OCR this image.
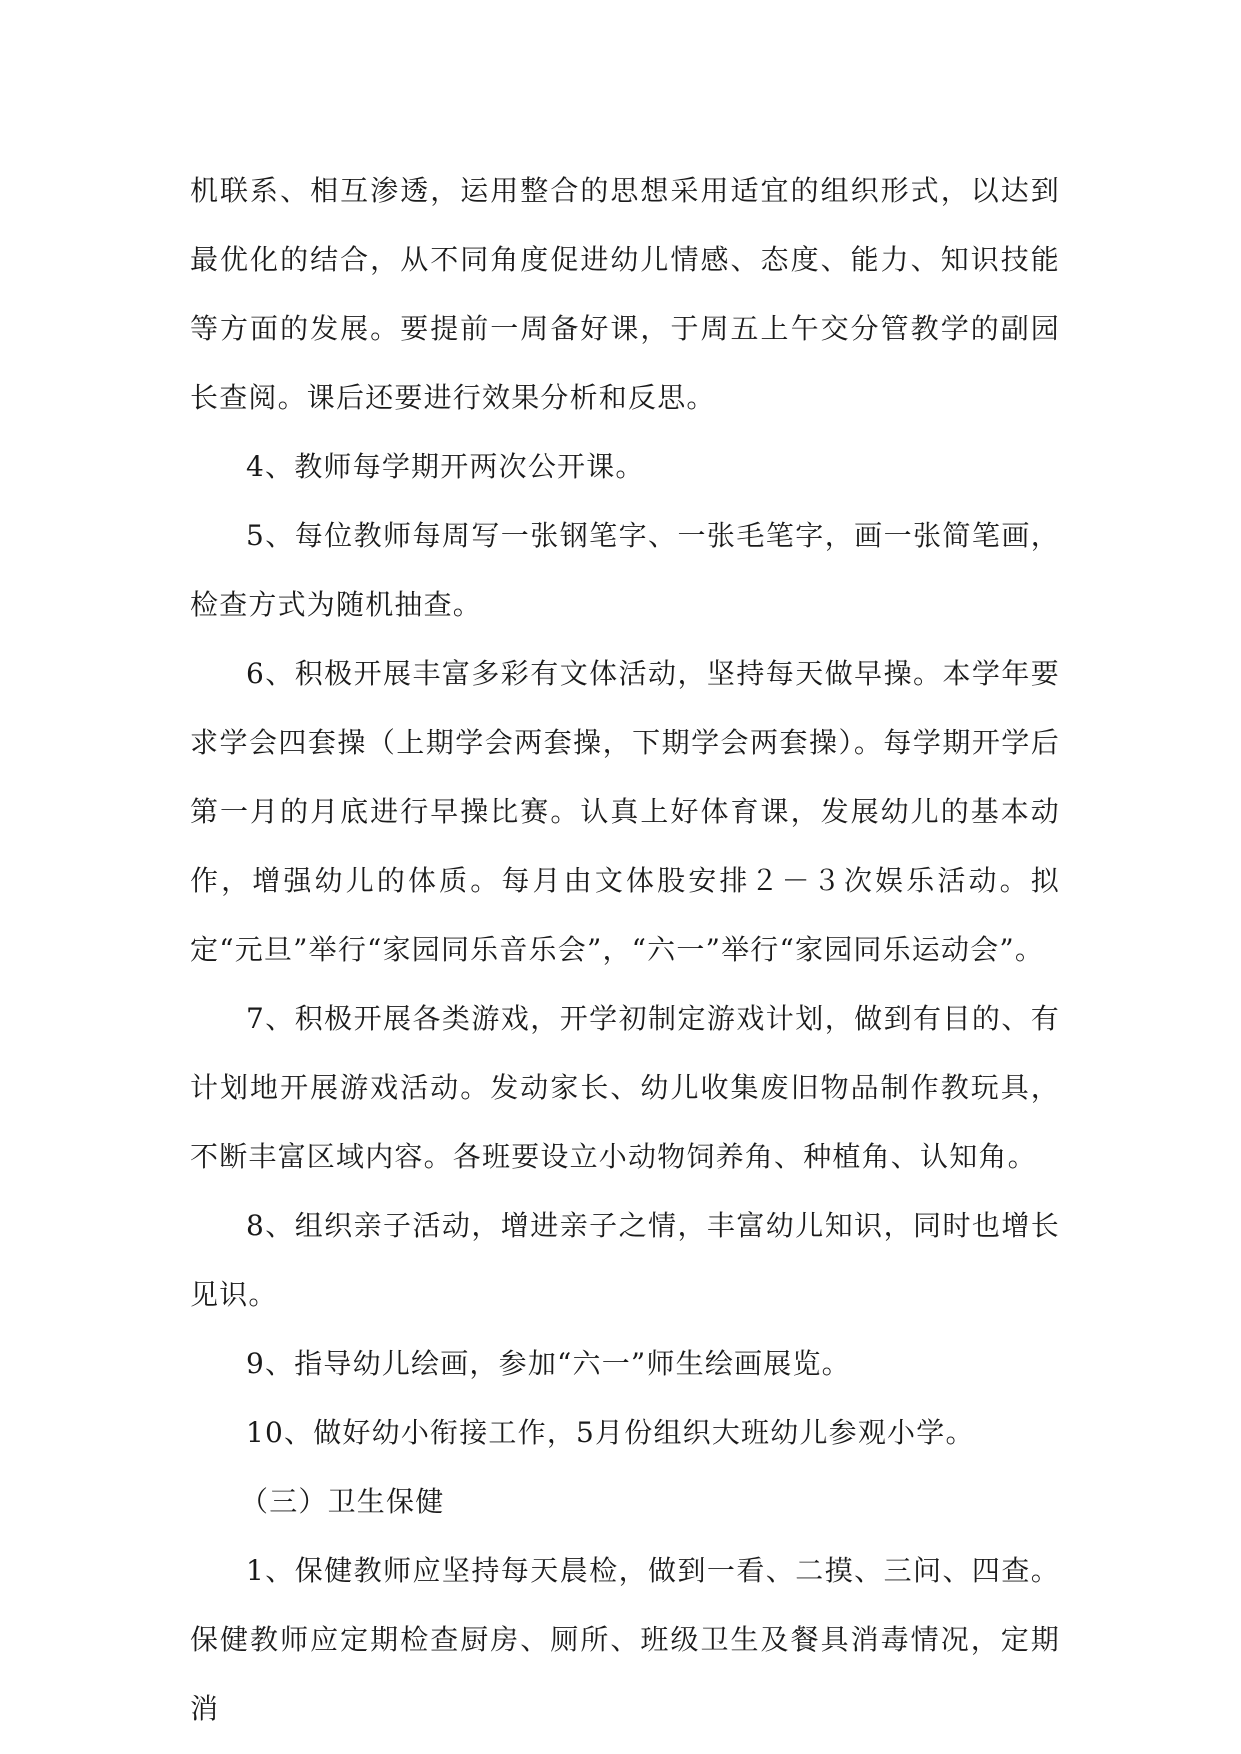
机联系、相互渗透，运用整合的思想采用适宜的组织形式，以达到最优化的结合，从不同角度促进幼儿情感、态度、能力、知识技能等方面的发展。要提前一周备好课，于周五上午交分管教学的副园长查阅。课后还要进行效果分析和反思。

4、教师每学期开两次公开课。

5、每位教师每周写一张钢笔字、一张毛笔字，画一张简笔画，检查方式为随机抽查。

6、积极开展丰富多彩有文体活动，坚持每天做早操。本学年要求学会四套操（上期学会两套操，下期学会两套操）。每学期开学后第一月的月底进行早操比赛。认真上好体育课，发展幼儿的基本动作，增强幼儿的体质。每月由文体股安排２－３次娱乐活动。拟定“元旦”举行“家园同乐音乐会”，“六一”举行“家园同乐运动会”。

7、积极开展各类游戏，开学初制定游戏计划，做到有目的、有计划地开展游戏活动。发动家长、幼儿收集废旧物品制作教玩具，不断丰富区域内容。各班要设立小动物饲养角、种植角、认知角。

8、组织亲子活动，增进亲子之情，丰富幼儿知识，同时也增长见识。

9、指导幼儿绘画，参加“六一”师生绘画展览。

10、做好幼小衔接工作，5月份组织大班幼儿参观小学。

（三）卫生保健

1、保健教师应坚持每天晨检，做到一看、二摸、三问、四查。保健教师应定期检查厨房、厕所、班级卫生及餐具消毒情况，定期消
